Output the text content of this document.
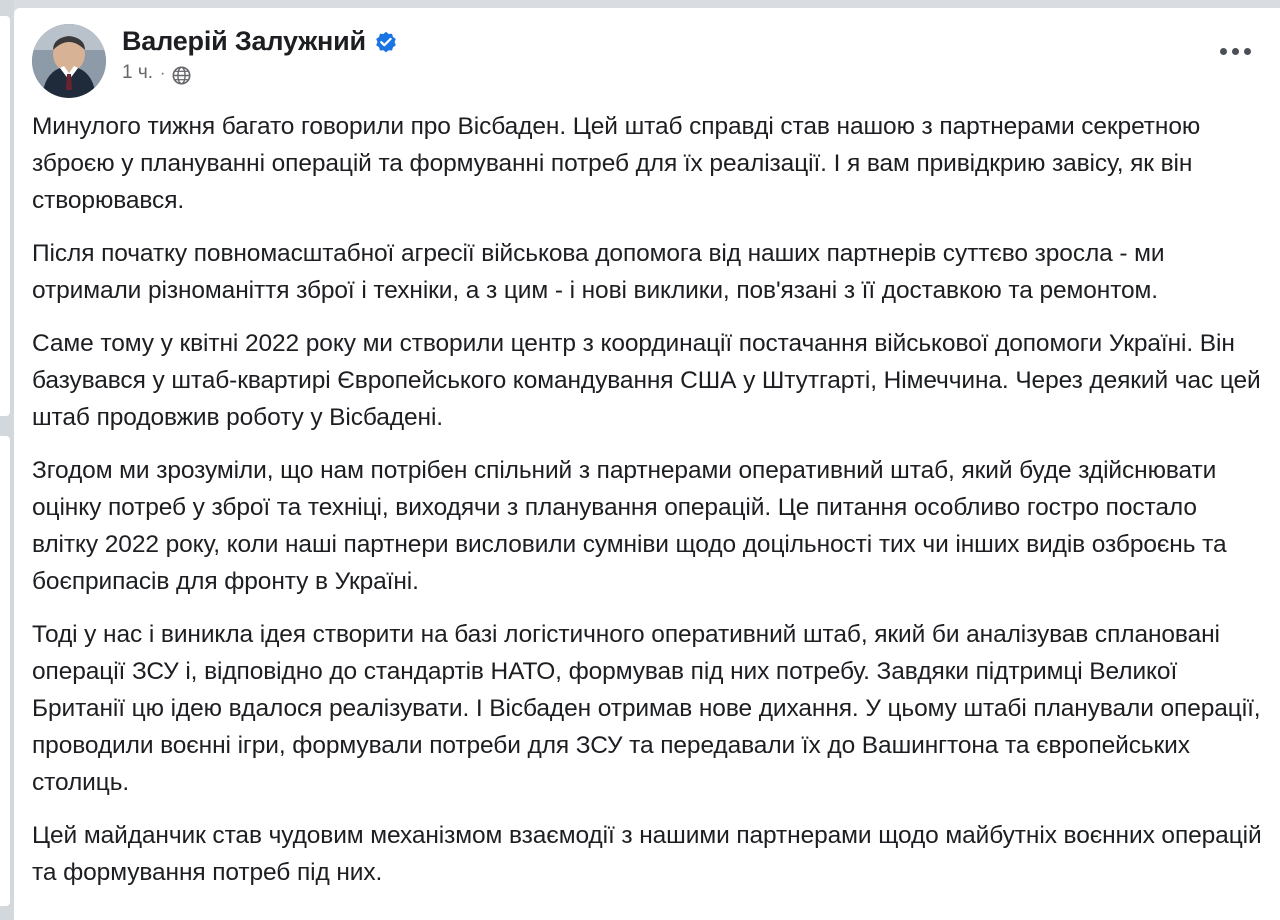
Валерій Залужний
1 ч. ·

Минулого тижня багато говорили про Вісбаден. Цей штаб справді став нашою з партнерами секретною зброєю у плануванні операцій та формуванні потреб для їх реалізації. І я вам привідкрию завісу, як він створювався.

Після початку повномасштабної агресії військова допомога від наших партнерів суттєво зросла - ми отримали різноманіття зброї і техніки, а з цим - і нові виклики, пов'язані з її доставкою та ремонтом.

Саме тому у квітні 2022 року ми створили центр з координації постачання військової допомоги Україні. Він базувався у штаб-квартирі Європейського командування США у Штутгарті, Німеччина. Через деякий час цей штаб продовжив роботу у Вісбадені.

Згодом ми зрозуміли, що нам потрібен спільний з партнерами оперативний штаб, який буде здійснювати оцінку потреб у зброї та техніці, виходячи з планування операцій. Це питання особливо гостро постало влітку 2022 року, коли наші партнери висловили сумніви щодо доцільності тих чи інших видів озброєнь та боєприпасів для фронту в Україні.

Тоді у нас і виникла ідея створити на базі логістичного оперативний штаб, який би аналізував сплановані операції ЗСУ і, відповідно до стандартів НАТО, формував під них потребу. Завдяки підтримці Великої Британії цю ідею вдалося реалізувати. І Вісбаден отримав нове дихання. У цьому штабі планували операції, проводили воєнні ігри, формували потреби для ЗСУ та передавали їх до Вашингтона та європейських столиць.

Цей майданчик став чудовим механізмом взаємодії з нашими партнерами щодо майбутніх воєнних операцій та формування потреб під них.
